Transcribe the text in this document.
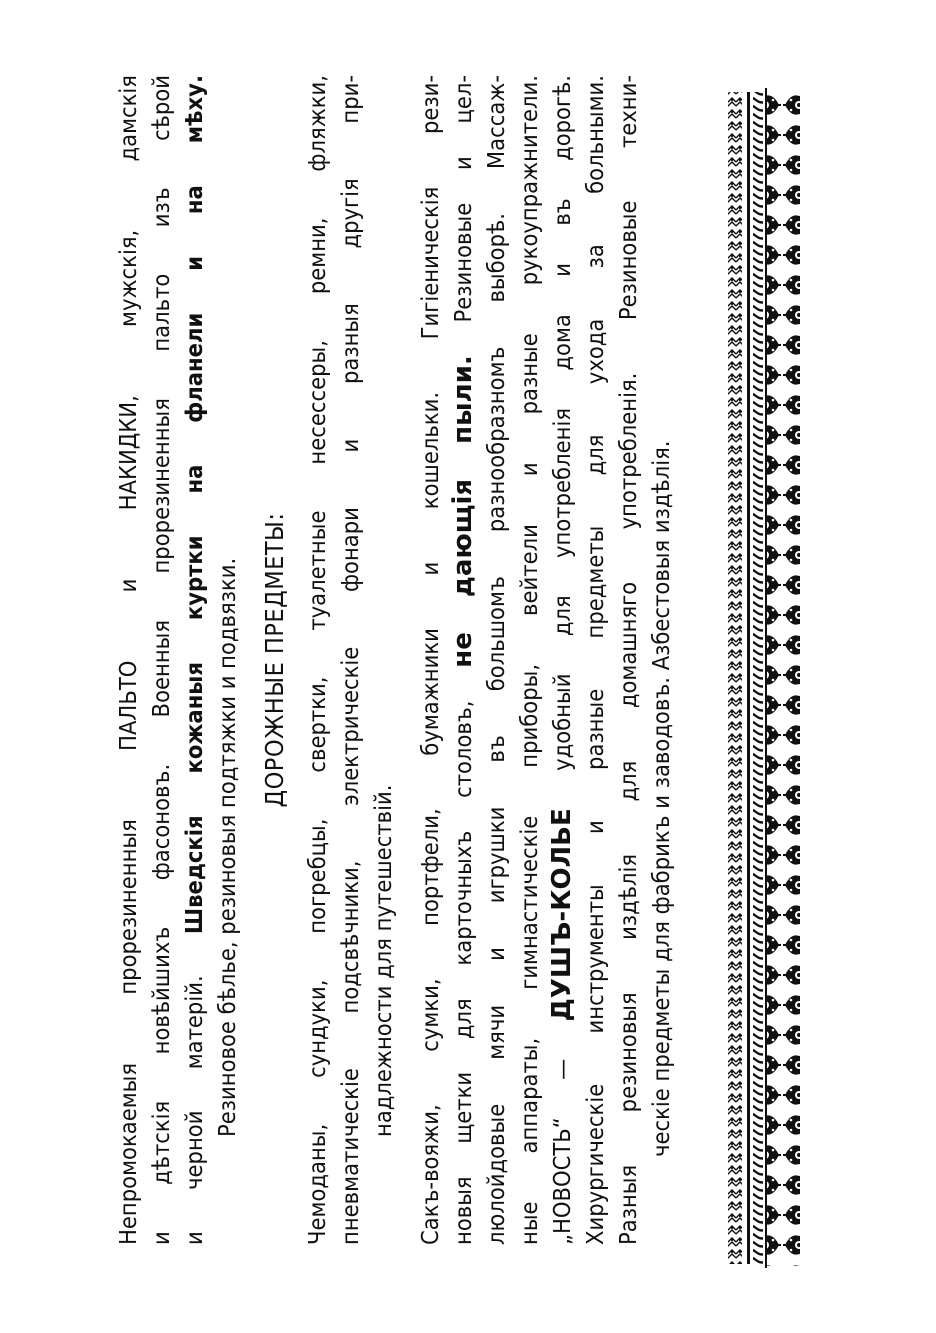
Непромокаемыя прорезиненныя ПАЛЬТО и НАКИДКИ, мужскія, дамскія и дѣтскія новѣйшихъ фасоновъ. Военныя прорезиненныя пальто изъ сѣрой и черной матерій. Шведскія кожаныя куртки на фланели и на мѣху. Резиновое бѣлье, резиновыя подтяжки и подвязки. ДОРОЖНЫЕ ПРЕДМЕТЫ: Чемоданы, сундуки, погребцы, свертки, туалетные несессеры, ремни, фляжки, пневматическіе подсвѣчники, электрическіе фонари и разныя другія при- надлежности для путешествій. Сакъ-вояжи, сумки, портфели, бумажники и кошельки. Гигіеническія рези- новыя щетки для карточныхъ столовъ, не дающія пыли. Резиновые и цел- люлойдовые мячи и игрушки въ большомъ разнообразномъ выборѣ. Массаж- ные аппараты, гимнастическіе приборы, вейтели и разные рукоупражнители. „НОВОСТЬ“ — ДУШЪ-КОЛЬЕ удобный для употребленія дома и въ дорогѣ. Хирургическіе инструменты и разные предметы для ухода за больными. Разныя резиновыя издѣлія для домашняго употребленія. Резиновые техни- ческіе предметы для фабрикъ и заводовъ. Азбестовыя издѣлія.
